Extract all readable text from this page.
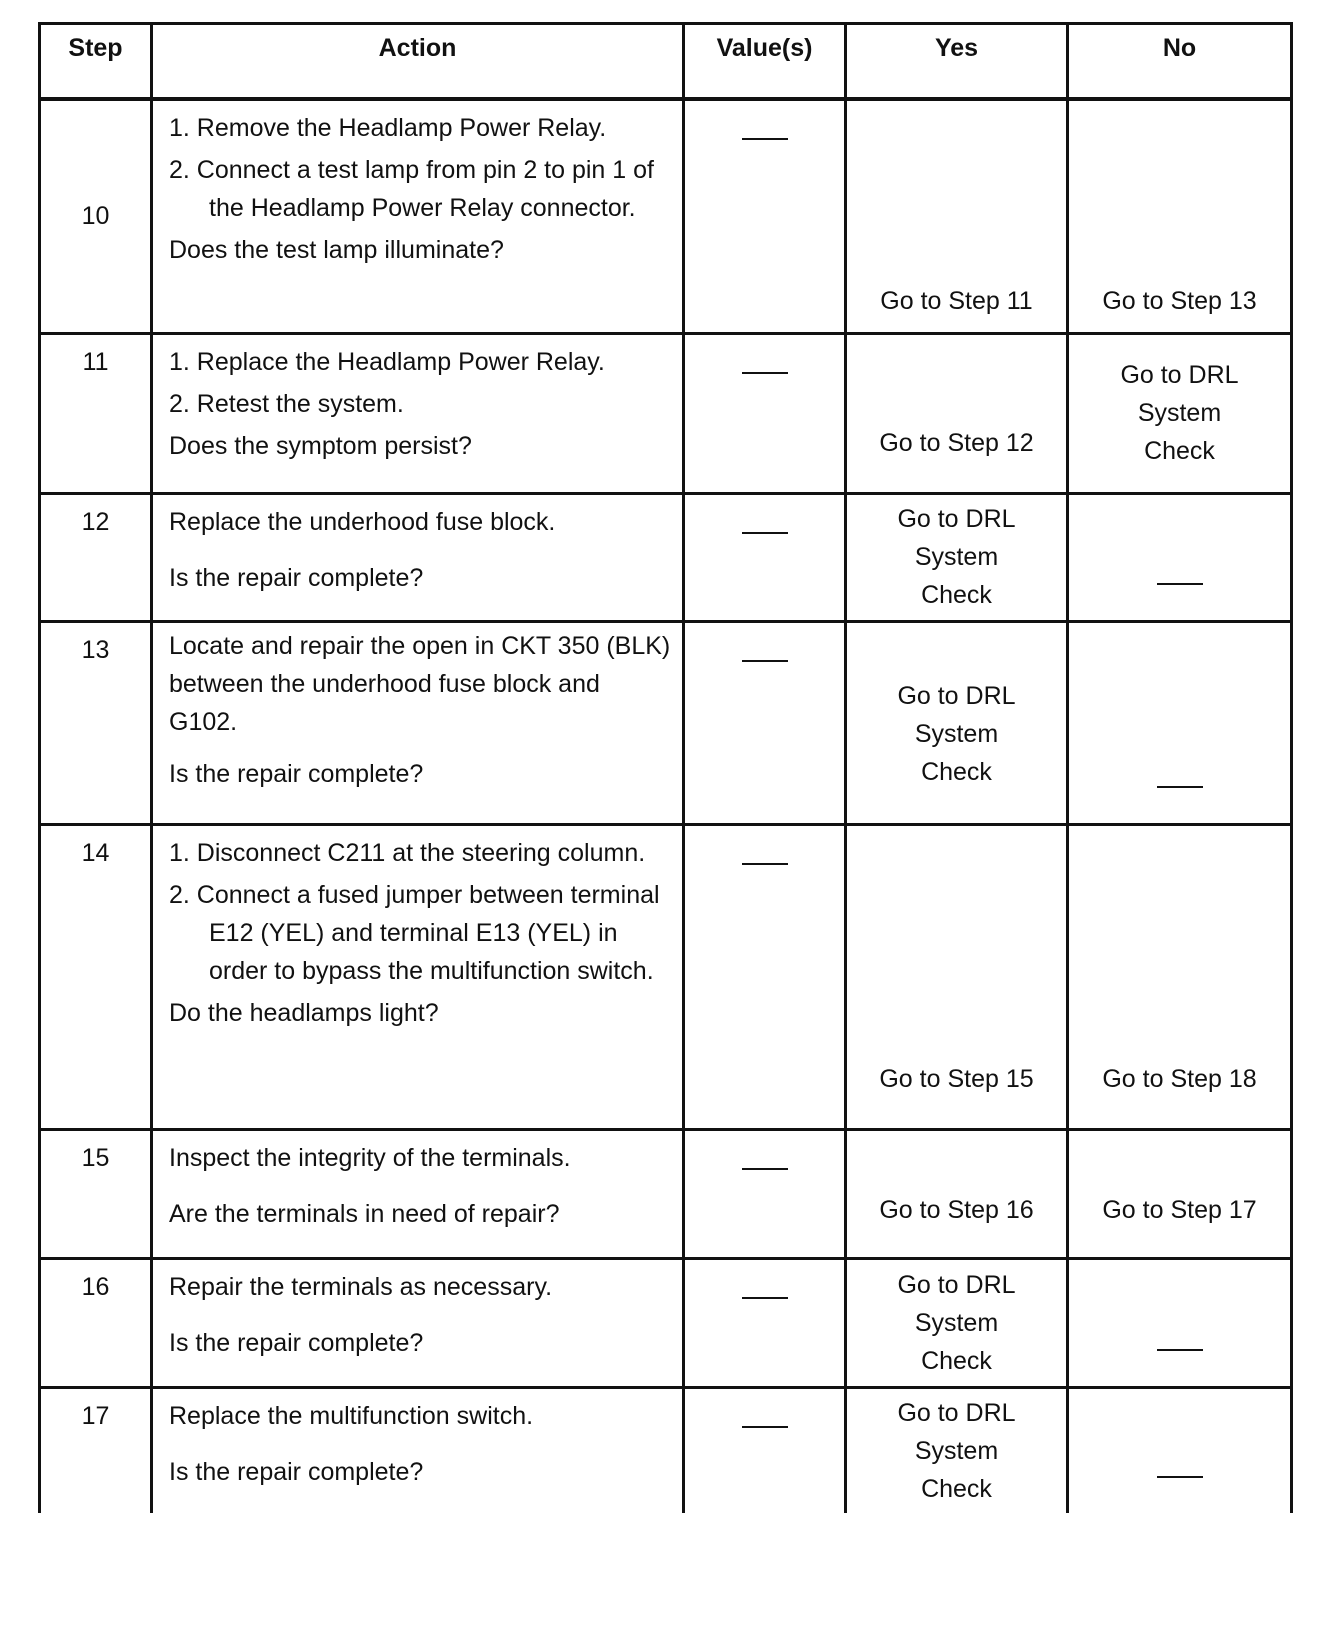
Step	Action	Value(s)	Yes	No
10	1. Remove the Headlamp Power Relay.
2. Connect a test lamp from pin 2 to pin 1 of the Headlamp Power Relay connector.
Does the test lamp illuminate?		Go to Step 11	Go to Step 13

11	1. Replace the Headlamp Power Relay.
2. Retest the system.
Does the symptom persist?		Go to Step 12	Go to DRL System Check

12	Replace the underhood fuse block.
Is the repair complete?		Go to DRL System Check	

13	Locate and repair the open in CKT 350 (BLK) between the underhood fuse block and G102.
Is the repair complete?		Go to DRL System Check	

14	1. Disconnect C211 at the steering column.
2. Connect a fused jumper between terminal E12 (YEL) and terminal E13 (YEL) in order to bypass the multifunction switch.
Do the headlamps light?		Go to Step 15	Go to Step 18

15	Inspect the integrity of the terminals.
Are the terminals in need of repair?		Go to Step 16	Go to Step 17

16	Repair the terminals as necessary.
Is the repair complete?		Go to DRL System Check	

17	Replace the multifunction switch.
Is the repair complete?		Go to DRL System Check	
